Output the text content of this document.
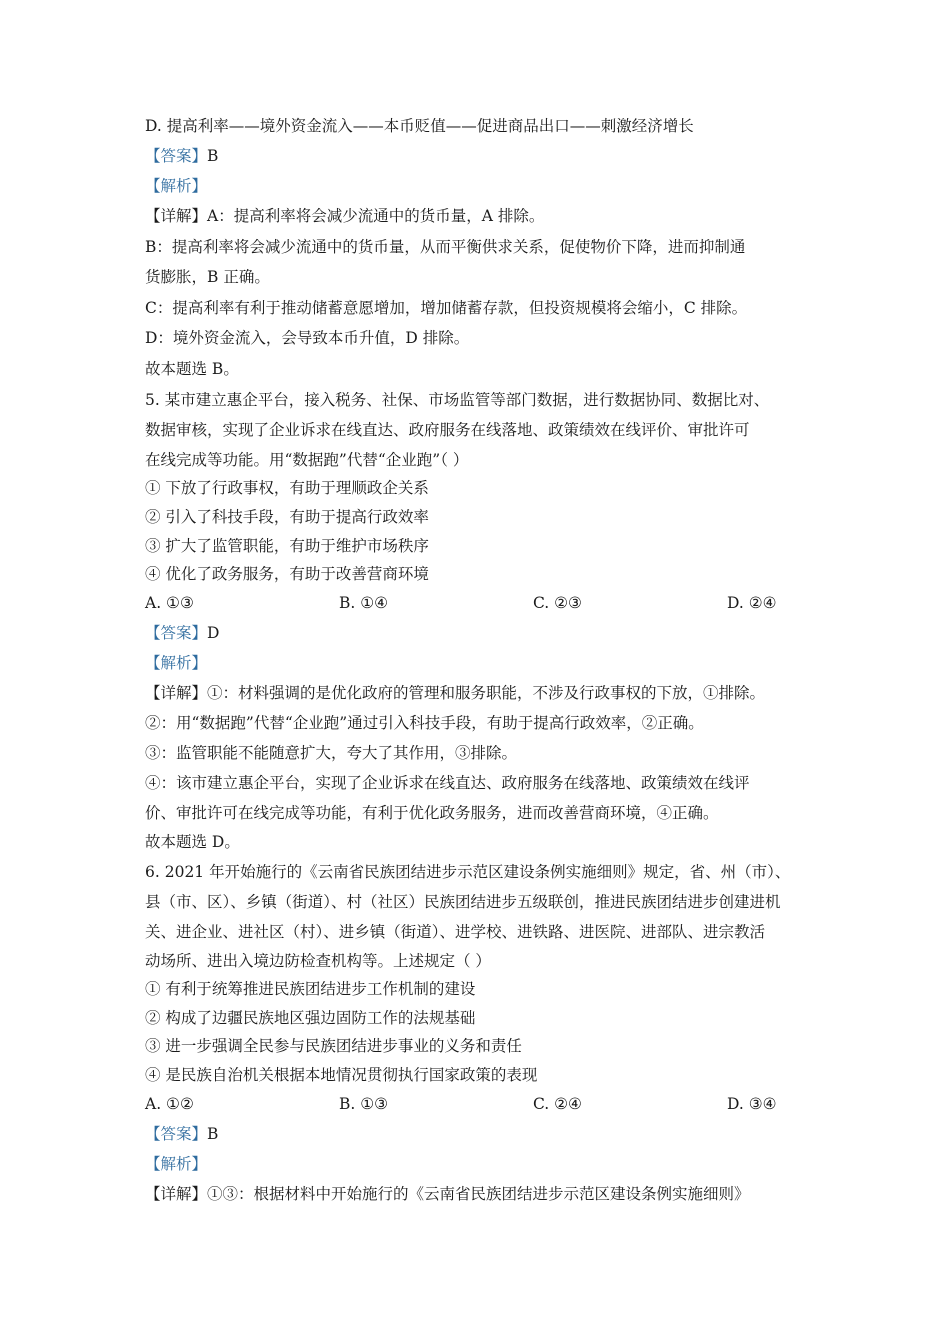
D. 提高利率——境外资金流入——本币贬值——促进商品出口——刺激经济增长
【答案】B
【解析】
【详解】A：提高利率将会减少流通中的货币量，A 排除。
B：提高利率将会减少流通中的货币量，从而平衡供求关系，促使物价下降，进而抑制通
货膨胀，B 正确。
C：提高利率有利于推动储蓄意愿增加，增加储蓄存款，但投资规模将会缩小，C 排除。
D：境外资金流入，会导致本币升值，D 排除。
故本题选 B。
5. 某市建立惠企平台，接入税务、社保、市场监管等部门数据，进行数据协同、数据比对、
数据审核，实现了企业诉求在线直达、政府服务在线落地、政策绩效在线评价、审批许可
在线完成等功能。用“数据跑”代替“企业跑”（ ）
① 下放了行政事权，有助于理顺政企关系
② 引入了科技手段，有助于提高行政效率
③ 扩大了监管职能，有助于维护市场秩序
④ 优化了政务服务，有助于改善营商环境
A. ①③	B. ①④	C. ②③	D. ②④
【答案】D
【解析】
【详解】①：材料强调的是优化政府的管理和服务职能，不涉及行政事权的下放，①排除。
②：用“数据跑”代替“企业跑”通过引入科技手段，有助于提高行政效率，②正确。
③：监管职能不能随意扩大，夸大了其作用，③排除。
④：该市建立惠企平台，实现了企业诉求在线直达、政府服务在线落地、政策绩效在线评
价、审批许可在线完成等功能，有利于优化政务服务，进而改善营商环境，④正确。
故本题选 D。
6. 2021 年开始施行的《云南省民族团结进步示范区建设条例实施细则》规定，省、州（市）、
县（市、区）、乡镇（街道）、村（社区）民族团结进步五级联创，推进民族团结进步创建进机
关、进企业、进社区（村）、进乡镇（街道）、进学校、进铁路、进医院、进部队、进宗教活
动场所、进出入境边防检查机构等。上述规定（ ）
① 有利于统筹推进民族团结进步工作机制的建设
② 构成了边疆民族地区强边固防工作的法规基础
③ 进一步强调全民参与民族团结进步事业的义务和责任
④ 是民族自治机关根据本地情况贯彻执行国家政策的表现
A. ①②	B. ①③	C. ②④	D. ③④
【答案】B
【解析】
【详解】①③：根据材料中开始施行的《云南省民族团结进步示范区建设条例实施细则》
